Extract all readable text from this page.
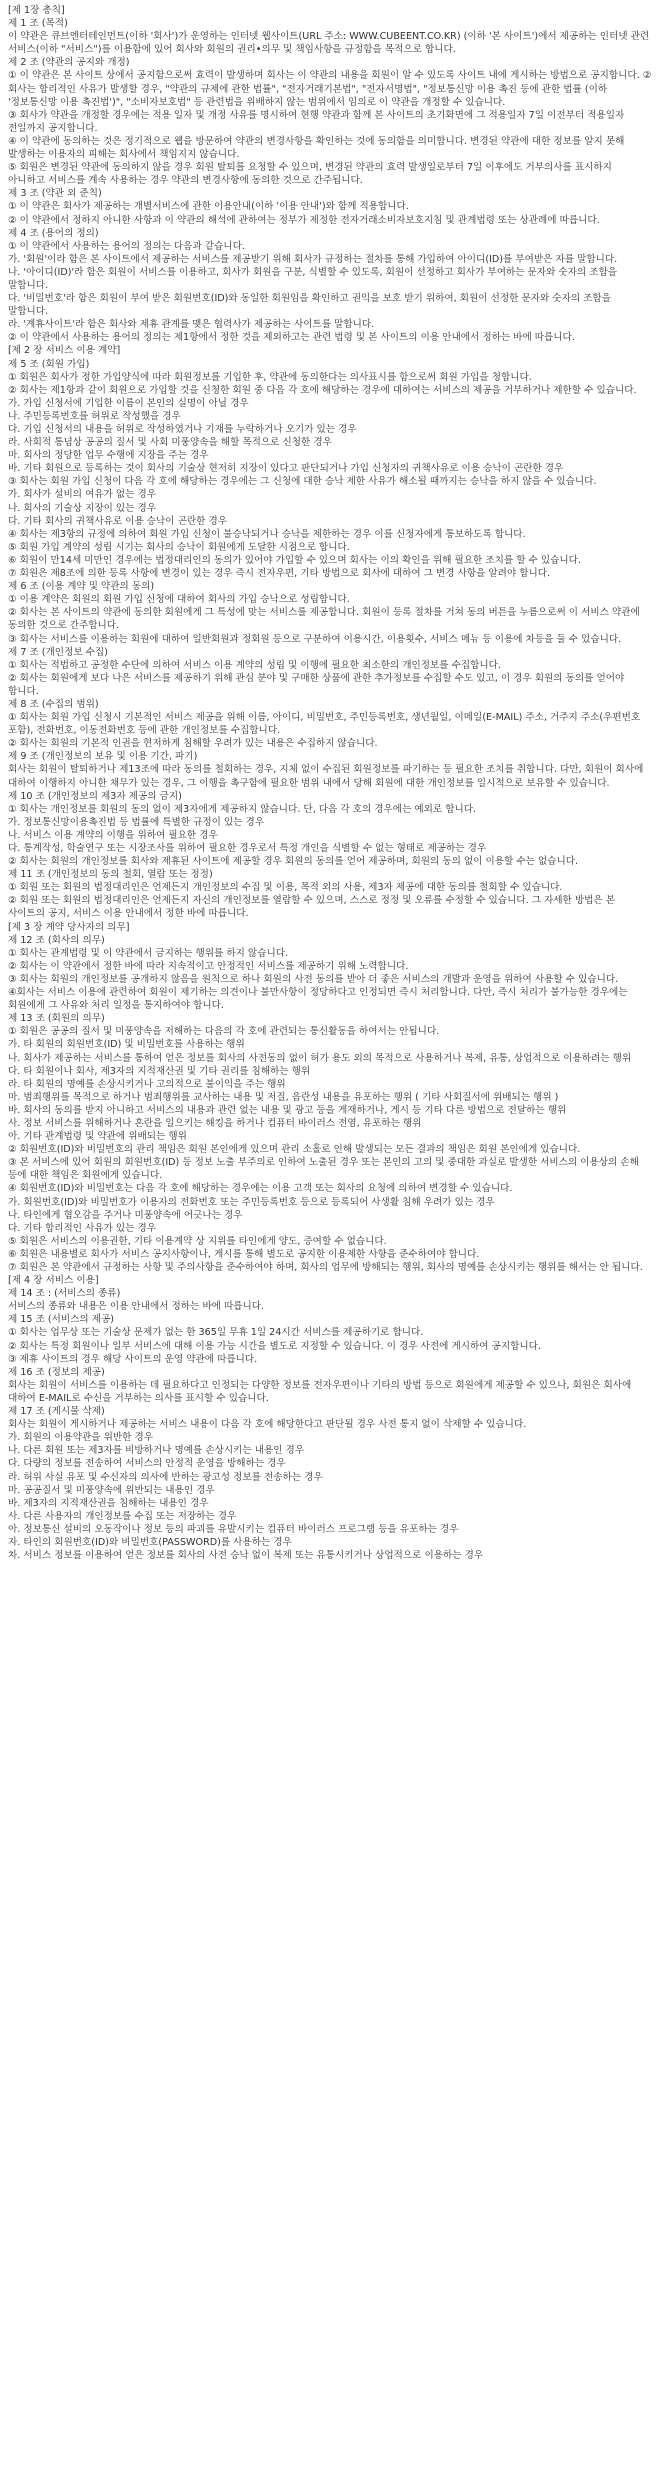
[제 1장 총칙]

제 1 조 (목적)

이 약관은 큐브엔터테인먼트(이하 '회사')가 운영하는 인터넷 웹사이트(URL 주소: WWW.CUBEENT.CO.KR) (이하 '본 사이트')에서 제공하는 인터넷 관련 서비스(이하 "서비스")를 이용함에 있어 회사와 회원의 권리•의무 및 책임사항을 규정함을 목적으로 합니다.

제 2 조 (약관의 공지와 개정)

① 이 약관은 본 사이트 상에서 공지함으로써 효력이 발생하며 회사는 이 약관의 내용을 회원이 알 수 있도록 사이트 내에 게시하는 방법으로 공지합니다. ② 회사는 합리적인 사유가 발생할 경우, "약관의 규제에 관한 법률", "전자거래기본법", "전자서명법", "정보통신망 이용 촉진 등에 관한 법률 (이하 '정보통신망 이용 촉진법')", "소비자보호법" 등 관련법을 위배하지 않는 범위에서 임의로 이 약관을 개정할 수 있습니다.

③ 회사가 약관을 개정할 경우에는 적용 일자 및 개정 사유를 명시하여 현행 약관과 함께 본 사이트의 초기화면에 그 적용일자 7일 이전부터 적용일자 전일까지 공지합니다.

④ 이 약관에 동의하는 것은 정기적으로 웹을 방문하여 약관의 변경사항을 확인하는 것에 동의함을 의미합니다. 변경된 약관에 대한 정보를 알지 못해 발생하는 이용자의 피해는 회사에서 책임지지 않습니다.

⑤ 회원은 변경된 약관에 동의하지 않을 경우 회원 탈퇴를 요청할 수 있으며, 변경된 약관의 효력 발생일로부터 7일 이후에도 거부의사를 표시하지 아니하고 서비스를 계속 사용하는 경우 약관의 변경사항에 동의한 것으로 간주됩니다.

제 3 조 (약관 외 준칙)

① 이 약관은 회사가 제공하는 개별서비스에 관한 이용안내(이하 '이용 안내')와 함께 적용합니다.

② 이 약관에서 정하지 아니한 사항과 이 약관의 해석에 관하여는 정부가 제정한 전자거래소비자보호지침 및 관계법령 또는 상관례에 따릅니다.

제 4 조 (용어의 정의)

① 이 약관에서 사용하는 용어의 정의는 다음과 같습니다.

가. '회원'이라 함은 본 사이트에서 제공하는 서비스를 제공받기 위해 회사가 규정하는 절차를 통해 가입하여 아이디(ID)를 부여받은 자를 말합니다.

나. '아이디(ID)'라 함은 회원이 서비스를 이용하고, 회사가 회원을 구분, 식별할 수 있도록, 회원이 선정하고 회사가 부여하는 문자와 숫자의 조합을 말합니다.

다. '비밀번호'라 함은 회원이 부여 받은 회원번호(ID)와 동일한 회원임을 확인하고 권익을 보호 받기 위하여, 회원이 선정한 문자와 숫자의 조합을 말합니다.

라. '계휴사이트'라 함은 회사와 제휴 관계를 맺은 협력사가 제공하는 사이트를 말합니다.

② 이 약관에서 사용하는 용어의 정의는 제1항에서 정한 것을 제외하고는 관련 법령 및 본 사이트의 이용 안내에서 정하는 바에 따릅니다.

[제 2 장 서비스 이용 계약]

제 5 조 (회원 가입)

① 회원은 회사가 정한 가입양식에 따라 회원정보를 기입한 후, 약관에 동의한다는 의사표시를 함으로써 회원 가입을 청합니다.

② 회사는 제1항과 같이 회원으로 가입할 것을 신청한 회원 중 다음 각 호에 해당하는 경우에 대하여는 서비스의 제공을 거부하거나 제한할 수 있습니다.

가. 가입 신청서에 기입한 이름이 본인의 실명이 아닐 경우

나. 주민등록번호를 허위로 작성했을 경우

다. 기입 신청서의 내용을 허위로 작성하였거나 기재를 누락하거나 오기가 있는 경우

라. 사회적 통념상 공공의 질서 및 사회 미풍양속을 해할 목적으로 신청한 경우

마. 회사의 정당한 업무 수행에 지장을 주는 경우

바. 기타 회원으로 등록하는 것이 회사의 기술상 현저히 지장이 있다고 판단되거나 가입 신청자의 귀책사유로 이용 승낙이 곤란한 경우

③ 회사는 회원 가입 신청이 다음 각 호에 해당하는 경우에는 그 신청에 대한 승낙 제한 사유가 해소될 때까지는 승낙을 하지 않을 수 있습니다.

가. 회사가 설비의 여유가 없는 경우

나. 회사의 기술상 지장이 있는 경우

다. 기타 회사의 귀책사유로 이용 승낙이 곤란한 경우

④ 회사는 제3항의 규정에 의하여 회원 가입 신청이 불승낙되거나 승낙을 제한하는 경우 이를 신청자에게 통보하도록 합니다.

⑤ 회원 가입 계약의 성립 시기는 회사의 승낙이 회원에게 도달한 시점으로 합니다.

⑥ 회원이 만14세 미만인 경우에는 법정대리인의 동의가 있어야 가입할 수 있으며 회사는 이의 확인을 위해 필요한 조치를 할 수 있습니다.

⑦ 회원은 제8조에 의한 등록 사항에 변경이 있는 경우 즉시 전자우편, 기타 방법으로 회사에 대하여 그 변경 사항을 알려야 합니다.

제 6 조 (이용 계약 및 약관의 동의)

① 이용 계약은 회원의 회원 가입 신청에 대하여 회사의 가입 승낙으로 성립합니다.

② 회사는 본 사이트의 약관에 동의한 회원에게 그 특성에 맞는 서비스를 제공합니다. 회원이 등록 절차를 거쳐 동의 버튼을 누름으로써 이 서비스 약관에 동의한 것으로 간주합니다.

③ 회사는 서비스를 이용하는 회원에 대하여 일반회원과 정회원 등으로 구분하여 이용시간, 이용횟수, 서비스 메뉴 등 이용에 차등을 둘 수 있습니다.

제 7 조 (개인정보 수집)

① 회사는 적법하고 공정한 수단에 의하여 서비스 이용 계약의 성립 및 이행에 필요한 최소한의 개인정보를 수집합니다.

② 회사는 회원에게 보다 나은 서비스를 제공하기 위해 관심 분야 및 구매한 상품에 관한 추가정보를 수집할 수도 있고, 이 경우 회원의 동의를 얻어야 합니다.

제 8 조 (수집의 범위)

① 회사는 회원 가입 신청시 기본적인 서비스 제공을 위해 이름, 아이디, 비밀번호, 주민등록번호, 생년월일, 이메일(E-MAIL) 주소, 거주지 주소(우편번호 포함), 전화번호, 이동전화번호 등에 관한 개인정보를 수집합니다.

② 회사는 회원의 기본적 인권을 현저하게 침해할 우려가 있는 내용은 수집하지 않습니다.

제 9 조 (개인정보의 보유 및 이용 기간, 파기)

회사는 회원이 탈퇴하거나 제13조에 따라 동의를 철회하는 경우, 지체 없이 수집된 회원정보를 파기하는 등 필요한 조치를 취합니다. 다만, 회원이 회사에 대하여 이행하지 아니한 채무가 있는 경우, 그 이행을 촉구함에 필요한 범위 내에서 당해 회원에 대한 개인정보를 일시적으로 보유할 수 있습니다.

제 10 조 (개인정보의 제3자 제공의 금지)

① 회사는 개인정보를 회원의 동의 없이 제3자에게 제공하지 않습니다. 단, 다음 각 호의 경우에는 예외로 합니다.

가. 정보통신망이용촉진법 등 법률에 특별한 규정이 있는 경우

나. 서비스 이용 계약의 이행을 위하여 필요한 경우

다. 통계작성, 학술연구 또는 시장조사를 위하여 필요한 경우로서 특정 개인을 식별할 수 없는 형태로 제공하는 경우

② 회사는 회원의 개인정보를 회사와 제휴된 사이트에 제공할 경우 회원의 동의를 얻어 제공하며, 회원의 동의 없이 이용할 수는 없습니다.

제 11 조 (개인정보의 동의 철회, 열람 또는 정정)

① 회원 또는 회원의 법정대리인은 언제든지 개인정보의 수집 및 이용, 목적 외의 사용, 제3자 제공에 대한 동의를 철회할 수 있습니다.

② 회원 또는 회원의 법정대리인은 언제든지 자신의 개인정보를 열람할 수 있으며, 스스로 정정 및 오류를 수정할 수 있습니다. 그 자세한 방법은 본 사이트의 공지, 서비스 이용 안내에서 정한 바에 따릅니다.

[제 3 장 계약 당사자의 의무]

제 12 조 (회사의 의무)

① 회사는 관계법령 및 이 약관에서 금지하는 행위를 하지 않습니다.

② 회사는 이 약관에서 정한 바에 따라 지속적이고 안정적인 서비스를 제공하기 위해 노력합니다.

③ 회사는 회원의 개인정보를 공개하지 않음을 원칙으로 하나 회원의 사전 동의를 받아 더 좋은 서비스의 개발과 운영을 위하여 사용할 수 있습니다.

④회사는 서비스 이용에 관련하여 회원이 제기하는 의견이나 불만사항이 정당하다고 인정되면 즉시 처리합니다. 다만, 즉시 처리가 불가능한 경우에는 회원에게 그 사유와 처리 일정을 통지하여야 합니다.

제 13 조 (회원의 의무)

① 회원은 공공의 질서 및 미풍양속을 저해하는 다음의 각 호에 관련되는 통신활동을 하여서는 안됩니다.

가. 타 회원의 회원번호(ID) 및 비밀번호를 사용하는 행위

나. 회사가 제공하는 서비스를 통하여 얻은 정보를 회사의 사전동의 없이 허가 용도 외의 목적으로 사용하거나 복제, 유통, 상업적으로 이용하려는 행위

다. 타 회원이나 회사, 제3자의 지적재산권 및 기타 권리를 침해하는 행위

라. 타 회원의 명예를 손상시키거나 고의적으로 불이익을 주는 행위

마. 범죄행위를 목적으로 하거나 범죄행위를 교사하는 내용 및 저질, 음란성 내용을 유포하는 행위 ( 기타 사회질서에 위배되는 행위 )

바. 회사의 동의를 받지 아니하고 서비스의 내용과 관련 없는 내용 및 광고 등을 게재하거나, 게시 등 기타 다른 방법으로 전달하는 행위

사. 정보 서비스를 위해하거나 혼란을 일으키는 해킹을 하거나 컴퓨터 바이러스 전염, 유포하는 행위

아. 기타 관계법령 및 약관에 위배되는 행위

② 회원번호(ID)와 비밀번호의 관리 책임은 회원 본인에게 있으며 관리 소홀로 인해 발생되는 모든 결과의 책임은 회원 본인에게 있습니다.

③ 본 서비스에 있어 회원의 회원번호(ID) 등 정보 노출 부주의로 인하여 노출된 경우 또는 본인의 고의 및 중대한 과실로 발생한 서비스의 이용상의 손해 등에 대한 책임은 회원에게 있습니다.

④ 회원번호(ID)와 비밀번호는 다음 각 호에 해당하는 경우에는 이용 고객 또는 회사의 요청에 의하여 변경할 수 있습니다.

가. 회원번호(ID)와 비밀번호가 이용자의 전화번호 또는 주민등록번호 등으로 등록되어 사생활 침해 우려가 있는 경우

나. 타인에게 혐오감을 주거나 미풍양속에 어긋나는 경우

다. 기타 합리적인 사유가 있는 경우

⑤ 회원은 서비스의 이용권한, 기타 이용계약 상 지위를 타인에게 양도, 증여할 수 없습니다.

⑥ 회원은 내용별로 회사가 서비스 공지사항이나, 게시를 통해 별도로 공지한 이용제한 사항을 준수하여야 합니다.

⑦ 회원은 본 약관에서 규정하는 사항 및 주의사항을 준수하여야 하며, 회사의 업무에 방해되는 행위, 회사의 명예를 손상시키는 행위를 해서는 안 됩니다.

[제 4 장 서비스 이용]

제 14 조 : (서비스의 종류)

서비스의 종류와 내용은 이용 안내에서 정하는 바에 따릅니다.

제 15 조 (서비스의 제공)

① 회사는 업무상 또는 기술상 문제가 없는 한 365일 무휴 1일 24시간 서비스를 제공하기로 합니다.

② 회사는 특정 회원이나 일부 서비스에 대해 이용 가능 시간을 별도로 지정할 수 있습니다. 이 경우 사전에 게시하여 공지합니다.

③ 제휴 사이트의 경우 해당 사이트의 운영 약관에 따릅니다.

제 16 조 (정보의 제공)

회사는 회원이 서비스를 이용하는 데 필요하다고 인정되는 다양한 정보를 전자우편이나 기타의 방법 등으로 회원에게 제공할 수 있으나, 회원은 회사에 대하여 E-MAIL로 수신을 거부하는 의사를 표시할 수 있습니다.

제 17 조 (게시물 삭제)

회사는 회원이 게시하거나 제공하는 서비스 내용이 다음 각 호에 해당한다고 판단될 경우 사전 통지 없이 삭제할 수 있습니다.

가. 회원의 이용약관을 위반한 경우

나. 다른 회원 또는 제3자를 비방하거나 명예를 손상시키는 내용인 경우

다. 다량의 정보를 전송하여 서비스의 안정적 운영을 방해하는 경우

라. 허위 사실 유포 및 수신자의 의사에 반하는 광고성 정보를 전송하는 경우

마. 공공질서 및 미풍양속에 위반되는 내용인 경우

바. 제3자의 지적재산권을 침해하는 내용인 경우

사. 다른 사용자의 개인정보를 수집 또는 저장하는 경우

아. 정보통신 설비의 오동작이나 정보 등의 파괴를 유발시키는 컴퓨터 바이러스 프로그램 등을 유포하는 경우

자. 타인의 회원번호(ID)와 비밀번호(PASSWORD)를 사용하는 경우

차. 서비스 정보를 이용하여 얻은 정보를 회사의 사전 승낙 없이 복제 또는 유통시키거나 상업적으로 이용하는 경우
